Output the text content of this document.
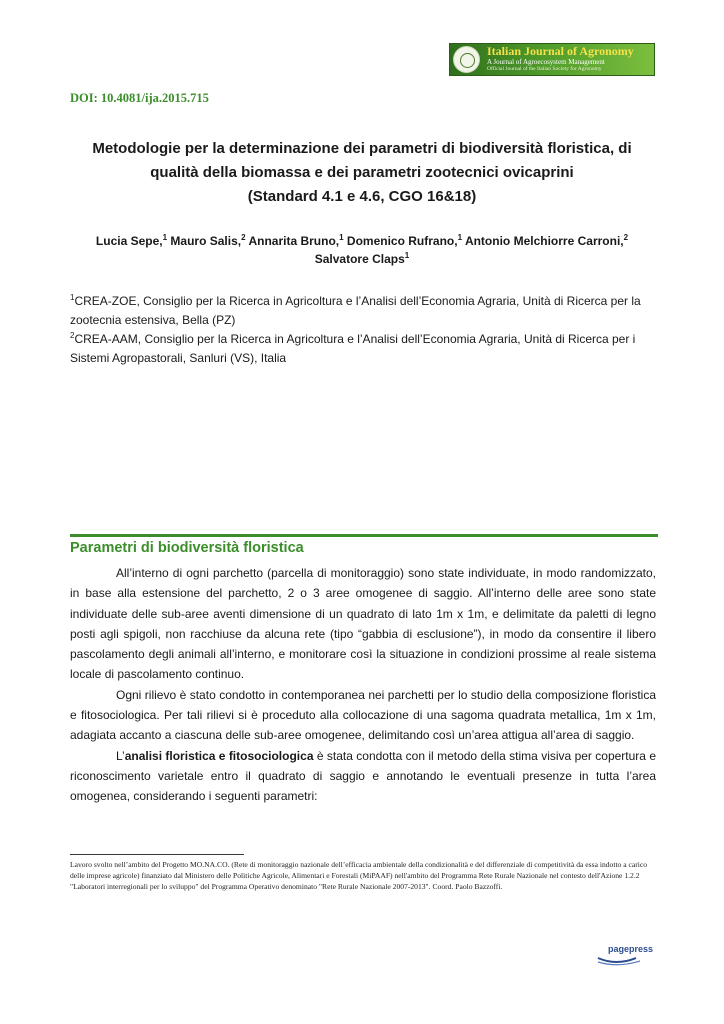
Italian Journal of Agronomy
A Journal of Agroecosystem Management
Official Journal of the Italian Society for Agronomy
DOI: 10.4081/ija.2015.715
Metodologie per la determinazione dei parametri di biodiversità floristica, di
qualità della biomassa e dei parametri zootecnici ovicaprini
(Standard 4.1 e 4.6, CGO 16&18)
Lucia Sepe,$^1$ Mauro Salis,$^2$ Annarita Bruno,$^1$ Domenico Rufrano,$^1$ Antonio Melchiorre Carroni,$^2$
Salvatore Claps$^1$

$^1$CREA-ZOE, Consiglio per la Ricerca in Agricoltura e l’Analisi dell’Economia Agraria, Unità di Ricerca per la zootecnia estensiva, Bella (PZ)

$^2$CREA-AAM, Consiglio per la Ricerca in Agricoltura e l’Analisi dell’Economia Agraria, Unità di Ricerca per i Sistemi Agropastorali, Sanluri (VS), Italia

Parametri di biodiversità floristica

All’interno di ogni parchetto (parcella di monitoraggio) sono state individuate, in modo randomizzato, in base alla estensione del parchetto, 2 o 3 aree omogenee di saggio. All’interno delle aree sono state individuate delle sub-aree aventi dimensione di un quadrato di lato 1m x 1m, e delimitate da paletti di legno posti agli spigoli, non racchiuse da alcuna rete (tipo “gabbia di esclusione”), in modo da consentire il libero pascolamento degli animali all’interno, e monitorare così la situazione in condizioni prossime al reale sistema locale di pascolamento continuo.

Ogni rilievo è stato condotto in contemporanea nei parchetti per lo studio della composizione floristica e fitosociologica. Per tali rilievi si è proceduto alla collocazione di una sagoma quadrata metallica, 1m x 1m, adagiata accanto a ciascuna delle sub-aree omogenee, delimitando così un’area attigua all’area di saggio.

L’analisi floristica e fitosociologica è stata condotta con il metodo della stima visiva per copertura e riconoscimento varietale entro il quadrato di saggio e annotando le eventuali presenze in tutta l’area omogenea, considerando i seguenti parametri:

Lavoro svolto nell’ambito del Progetto MO.NA.CO. (Rete di monitoraggio nazionale dell’efficacia ambientale della condizionalità e del differenziale di competitività da essa indotto a carico delle imprese agricole) finanziato dal Ministero delle Politiche Agricole, Alimentari e Forestali (MiPAAF) nell'ambito del Programma Rete Rurale Nazionale nel contesto dell'Azione 1.2.2 "Laboratori interregionali per lo sviluppo" del Programma Operativo denominato "Rete Rurale Nazionale 2007-2013". Coord. Paolo Bazzoffi.
pagepress
